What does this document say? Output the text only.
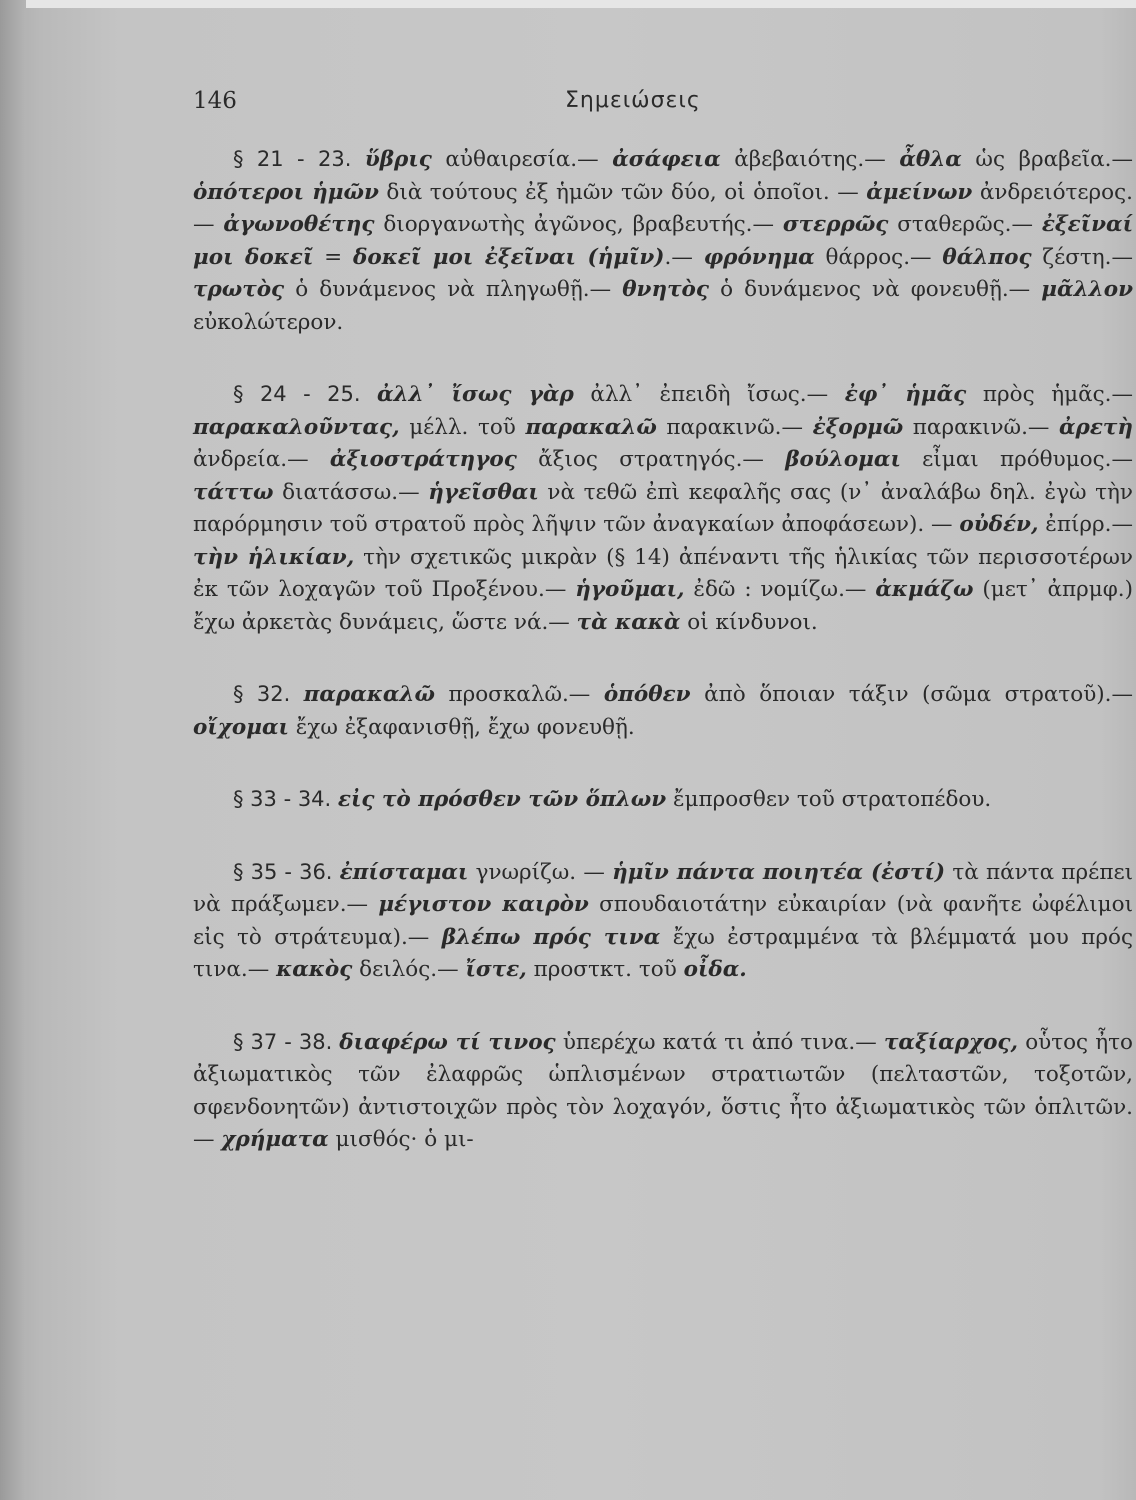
146	Σημειώσεις

§ 21 - 23. ὕβρις αὐθαιρεσία.— ἀσάφεια ἀβεβαιότης.— ἆθλα ὡς βραβεῖα.— ὁπότεροι ἡμῶν διὰ τούτους ἐξ ἡμῶν τῶν δύο, οἱ ὁποῖοι. — ἀμείνων ἀνδρειότερος.— ἀγωνοθέτης διοργανωτὴς ἀγῶνος, βραβευτής.— στερρῶς σταθερῶς.— ἐξεῖναί μοι δοκεῖ = δοκεῖ μοι ἐξεῖναι (ἡμῖν).— φρόνημα θάρρος.— θάλπος ζέστη.— τρωτὸς ὁ δυνάμενος νὰ πληγωθῇ.— θνητὸς ὁ δυνάμενος νὰ φονευθῇ.— μᾶλλον εὐκολώτερον.

§ 24 - 25. ἀλλ᾿ ἴσως γὰρ ἀλλ᾿ ἐπειδὴ ἴσως.— ἐφ᾿ ἡμᾶς πρὸς ἡμᾶς.— παρακαλοῦντας, μέλλ. τοῦ παρακαλῶ παρακινῶ.— ἐξορμῶ παρακινῶ.— ἀρετὴ ἀνδρεία.— ἀξιοστράτηγος ἄξιος στρατηγός.— βούλομαι εἶμαι πρόθυμος.— τάττω διατάσσω.— ἡγεῖσθαι νὰ τεθῶ ἐπὶ κεφαλῆς σας (ν᾿ ἀναλάβω δηλ. ἐγὼ τὴν παρόρμησιν τοῦ στρατοῦ πρὸς λῆψιν τῶν ἀναγκαίων ἀποφάσεων). — οὐδέν, ἐπίρρ.— τὴν ἡλικίαν, τὴν σχετικῶς μικρὰν (§ 14) ἀπέναντι τῆς ἡλικίας τῶν περισσοτέρων ἐκ τῶν λοχαγῶν τοῦ Προξένου.— ἡγοῦμαι, ἐδῶ : νομίζω.— ἀκμάζω (μετ᾿ ἀπρμφ.) ἔχω ἀρκετὰς δυνάμεις, ὥστε νά.— τὰ κακὰ οἱ κίνδυνοι.

§ 32. παρακαλῶ προσκαλῶ.— ὁπόθεν ἀπὸ ὅποιαν τάξιν (σῶμα στρατοῦ).— οἴχομαι ἔχω ἐξαφανισθῇ, ἔχω φονευθῇ.

§ 33 - 34. εἰς τὸ πρόσθεν τῶν ὅπλων ἔμπροσθεν τοῦ στρατοπέδου.

§ 35 - 36. ἐπίσταμαι γνωρίζω. — ἡμῖν πάντα ποιητέα (ἐστί) τὰ πάντα πρέπει νὰ πράξωμεν.— μέγιστον καιρὸν σπουδαιοτάτην εὐκαιρίαν (νὰ φανῆτε ὠφέλιμοι εἰς τὸ στράτευμα).— βλέπω πρός τινα ἔχω ἐστραμμένα τὰ βλέμματά μου πρός τινα.— κακὸς δειλός.— ἴστε, προστκτ. τοῦ οἶδα.

§ 37 - 38. διαφέρω τί τινος ὑπερέχω κατά τι ἀπό τινα.— ταξίαρχος, οὗτος ἦτο ἀξιωματικὸς τῶν ἐλαφρῶς ὡπλισμένων στρατιωτῶν (πελταστῶν, τοξοτῶν, σφενδονητῶν) ἀντιστοιχῶν πρὸς τὸν λοχαγόν, ὅστις ἦτο ἀξιωματικὸς τῶν ὁπλιτῶν.— χρήματα μισθός· ὁ μι-
